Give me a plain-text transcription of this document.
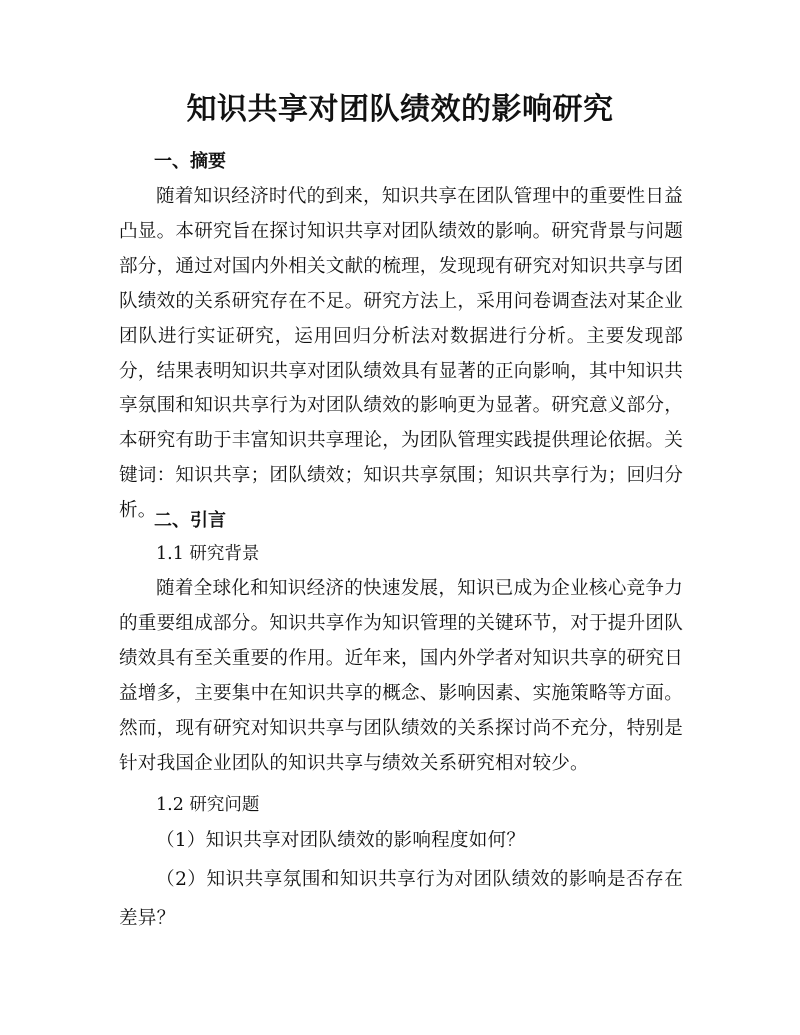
知识共享对团队绩效的影响研究
一、摘要
随着知识经济时代的到来，知识共享在团队管理中的重要性日益凸显。本研究旨在探讨知识共享对团队绩效的影响。研究背景与问题部分，通过对国内外相关文献的梳理，发现现有研究对知识共享与团队绩效的关系研究存在不足。研究方法上，采用问卷调查法对某企业团队进行实证研究，运用回归分析法对数据进行分析。主要发现部分，结果表明知识共享对团队绩效具有显著的正向影响，其中知识共享氛围和知识共享行为对团队绩效的影响更为显著。研究意义部分，本研究有助于丰富知识共享理论，为团队管理实践提供理论依据。关键词：知识共享；团队绩效；知识共享氛围；知识共享行为；回归分析。
二、引言
1.1 研究背景
随着全球化和知识经济的快速发展，知识已成为企业核心竞争力的重要组成部分。知识共享作为知识管理的关键环节，对于提升团队绩效具有至关重要的作用。近年来，国内外学者对知识共享的研究日益增多，主要集中在知识共享的概念、影响因素、实施策略等方面。然而，现有研究对知识共享与团队绩效的关系探讨尚不充分，特别是针对我国企业团队的知识共享与绩效关系研究相对较少。
1.2 研究问题
（1）知识共享对团队绩效的影响程度如何？
（2）知识共享氛围和知识共享行为对团队绩效的影响是否存在差异？
